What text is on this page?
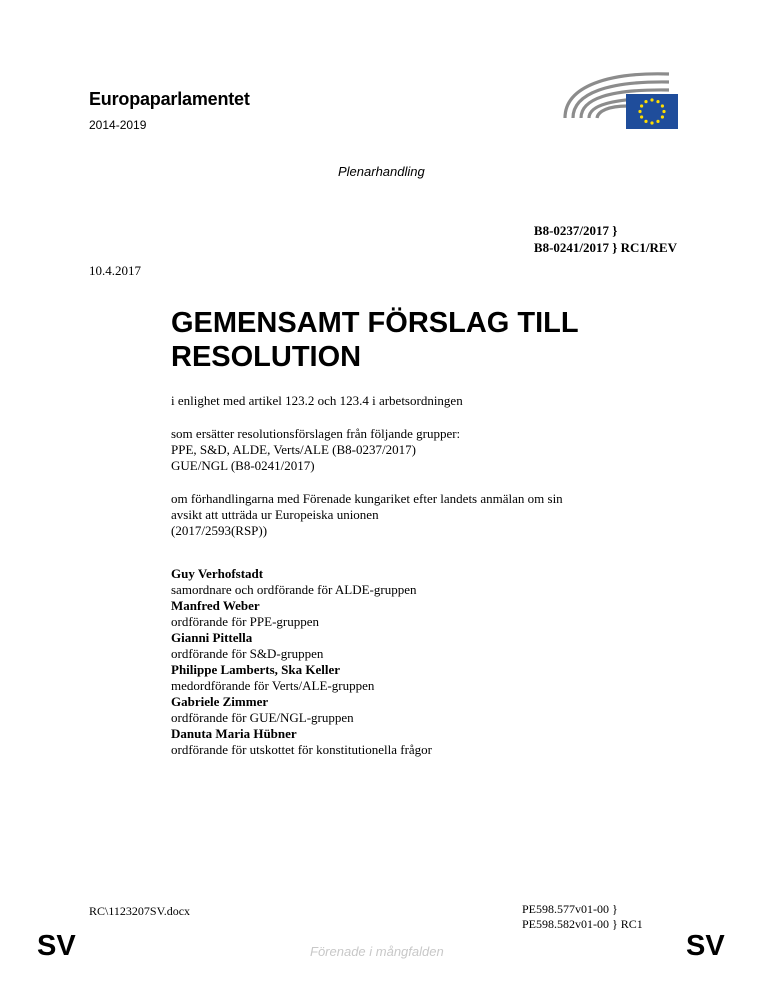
Europaparlamentet
2014-2019
Plenarhandling
B8-0237/2017 }
B8-0241/2017 } RC1/REV
10.4.2017
GEMENSAMT FÖRSLAG TILL RESOLUTION
i enlighet med artikel 123.2 och 123.4 i arbetsordningen
som ersätter resolutionsförslagen från följande grupper:
PPE, S&D, ALDE, Verts/ALE (B8-0237/2017)
GUE/NGL (B8-0241/2017)
om förhandlingarna med Förenade kungariket efter landets anmälan om sin
avsikt att utträda ur Europeiska unionen
(2017/2593(RSP))
Guy Verhofstadt
samordnare och ordförande för ALDE-gruppen
Manfred Weber
ordförande för PPE-gruppen
Gianni Pittella
ordförande för S&D-gruppen
Philippe Lamberts, Ska Keller
medordförande för Verts/ALE-gruppen
Gabriele Zimmer
ordförande för GUE/NGL-gruppen
Danuta Maria Hübner
ordförande för utskottet för konstitutionella frågor
RC\1123207SV.docx	PE598.577v01-00 }
PE598.582v01-00 } RC1
SV	Förenade i mångfalden	SV
